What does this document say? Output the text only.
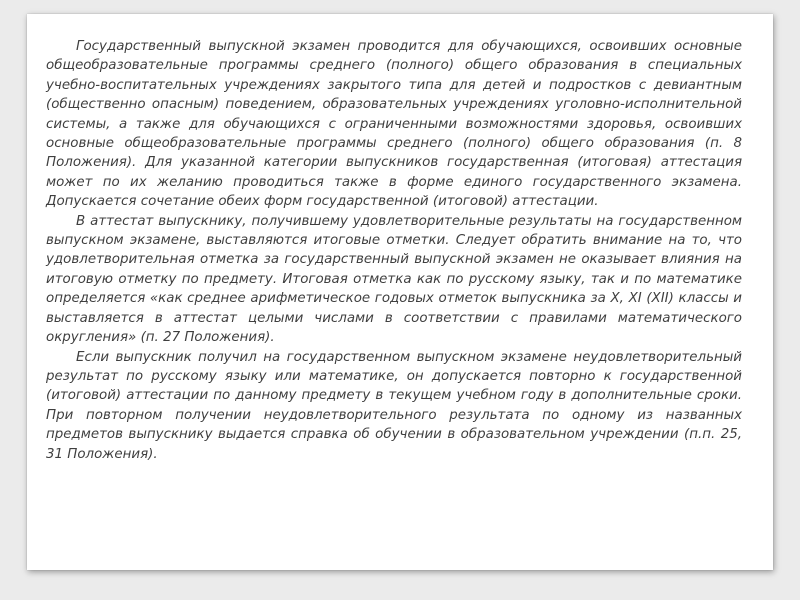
Государственный выпускной экзамен проводится для обучающихся, освоивших основные общеобразовательные программы среднего (полного) общего образования в специальных учебно-воспитательных учреждениях закрытого типа для детей и подростков с девиантным (общественно опасным) поведением, образовательных учреждениях уголовно-исполнительной системы, а также для обучающихся с ограниченными возможностями здоровья, освоивших основные общеобразовательные программы среднего (полного) общего образования (п. 8 Положения). Для указанной категории выпускников государственная (итоговая) аттестация может по их желанию проводиться также в форме единого государственного экзамена. Допускается сочетание обеих форм государственной (итоговой) аттестации.

В аттестат выпускнику, получившему удовлетворительные результаты на государственном выпускном экзамене, выставляются итоговые отметки. Следует обратить внимание на то, что удовлетворительная отметка за государственный выпускной экзамен не оказывает влияния на итоговую отметку по предмету. Итоговая отметка как по русскому языку, так и по математике определяется «как среднее арифметическое годовых отметок выпускника за X, XI (XII) классы и выставляется в аттестат целыми числами в соответствии с правилами математического округления» (п. 27 Положения).

Если выпускник получил на государственном выпускном экзамене неудовлетворительный результат по русскому языку или математике, он допускается повторно к государственной (итоговой) аттестации по данному предмету в текущем учебном году в дополнительные сроки. При повторном получении неудовлетворительного результата по одному из названных предметов выпускнику выдается справка об обучении в образовательном учреждении (п.п. 25, 31 Положения).
